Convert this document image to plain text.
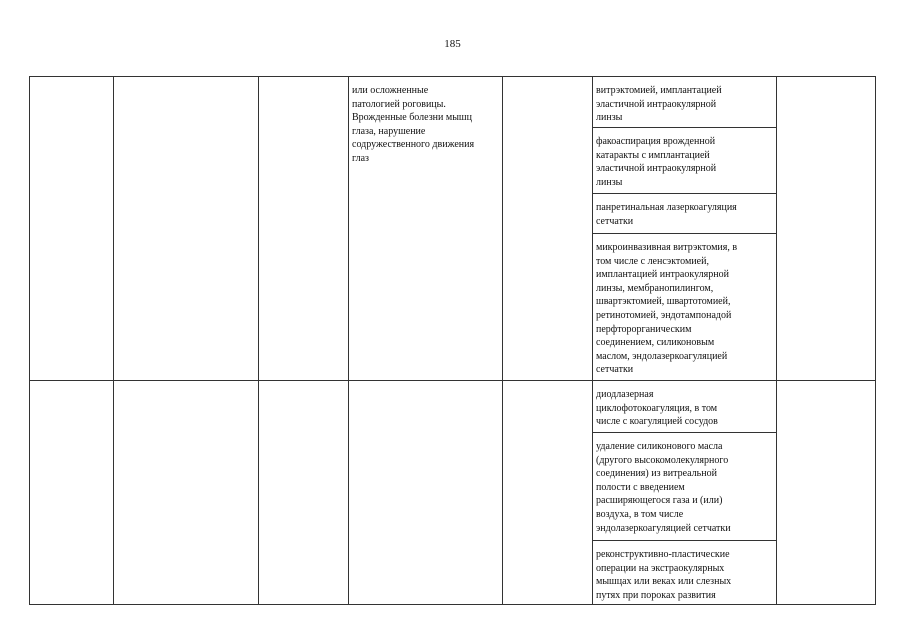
185
или осложненные
патологией роговицы.
Врожденные болезни мышц
глаза, нарушение
содружественного движения
глаз
витрэктомией, имплантацией
эластичной интраокулярной
линзы
факоаспирация врожденной
катаракты с имплантацией
эластичной интраокулярной
линзы
панретинальная лазеркоагуляция
сетчатки
микроинвазивная витрэктомия, в
том числе с ленсэктомией,
имплантацией интраокулярной
линзы, мембранопилингом,
швартэктомией, швартотомией,
ретинотомией, эндотампонадой
перфторорганическим
соединением, силиконовым
маслом, эндолазеркоагуляцией
сетчатки
диодлазерная
циклофотокоагуляция, в том
числе с коагуляцией сосудов
удаление силиконового масла
(другого высокомолекулярного
соединения) из витреальной
полости с введением
расширяющегося газа и (или)
воздуха, в том числе
эндолазеркоагуляцией сетчатки
реконструктивно-пластические
операции на экстраокулярных
мышцах или веках или слезных
путях при пороках развития
